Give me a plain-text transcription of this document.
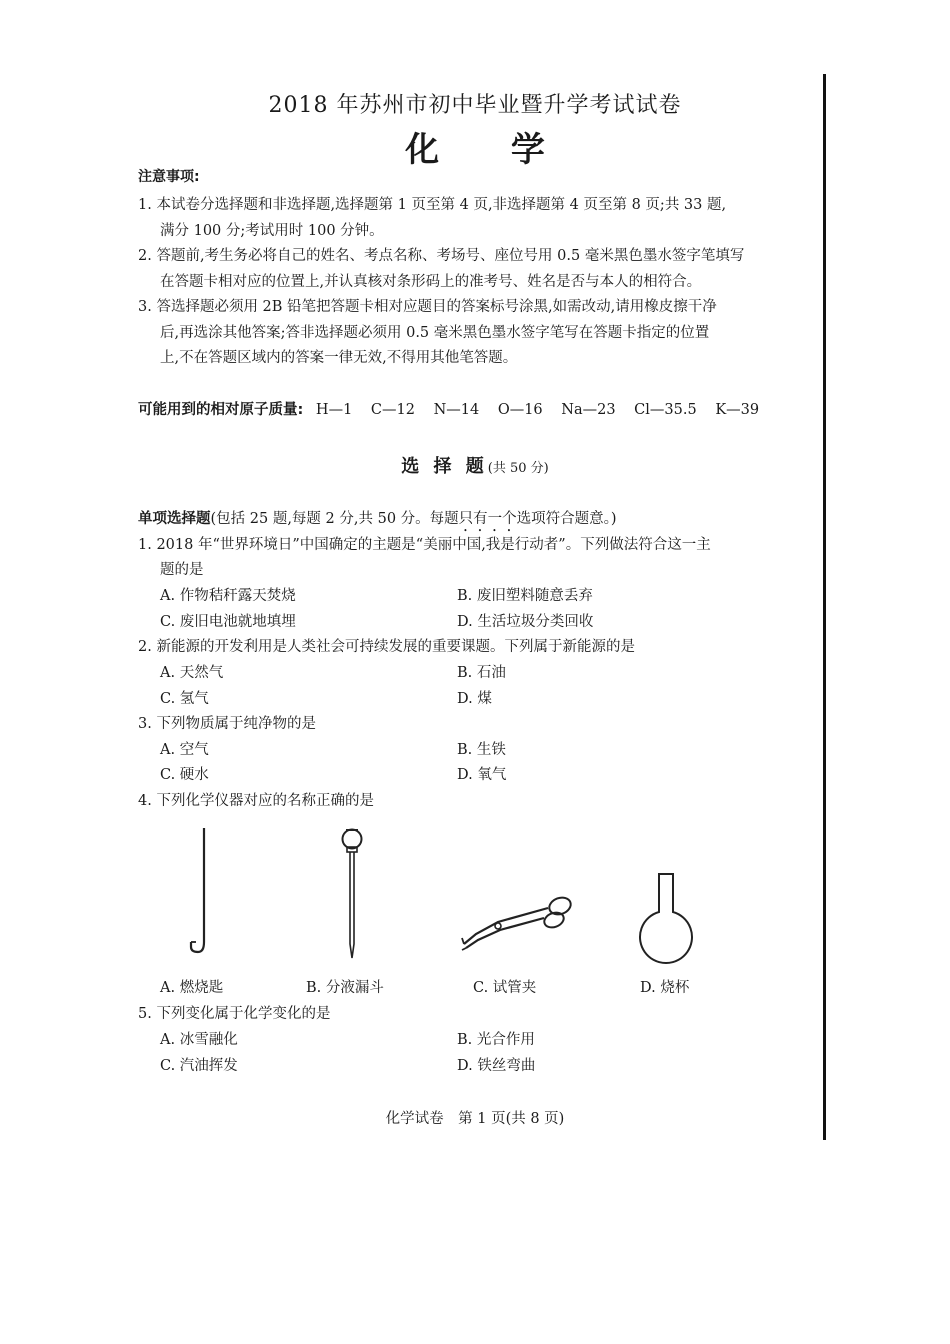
2018 年苏州市初中毕业暨升学考试试卷
化 学
注意事项:
1. 本试卷分选择题和非选择题,选择题第 1 页至第 4 页,非选择题第 4 页至第 8 页;共 33 题,
满分 100 分;考试用时 100 分钟。
2. 答题前,考生务必将自己的姓名、考点名称、考场号、座位号用 0.5 毫米黑色墨水签字笔填写
在答题卡相对应的位置上,并认真核对条形码上的准考号、姓名是否与本人的相符合。
3. 答选择题必须用 2B 铅笔把答题卡相对应题目的答案标号涂黑,如需改动,请用橡皮擦干净
后,再选涂其他答案;答非选择题必须用 0.5 毫米黑色墨水签字笔写在答题卡指定的位置
上,不在答题区域内的答案一律无效,不得用其他笔答题。
可能用到的相对原子质量: H—1 C—12 N—14 O—16 Na—23 Cl—35.5 K—39
选 择 题(共 50 分)
单项选择题(包括 25 题,每题 2 分,共 50 分。每题只有一个选项符合题意。)
1. 2018 年“世界环境日”中国确定的主题是“美丽中国,我是行动者”。下列做法符合这一主
题的是
A. 作物秸秆露天焚烧	B. 废旧塑料随意丢弃
C. 废旧电池就地填埋	D. 生活垃圾分类回收
2. 新能源的开发利用是人类社会可持续发展的重要课题。下列属于新能源的是
A. 天然气	B. 石油
C. 氢气	D. 煤
3. 下列物质属于纯净物的是
A. 空气	B. 生铁
C. 硬水	D. 氧气
4. 下列化学仪器对应的名称正确的是
A. 燃烧匙	B. 分液漏斗	C. 试管夹	D. 烧杯
5. 下列变化属于化学变化的是
A. 冰雪融化	B. 光合作用
C. 汽油挥发	D. 铁丝弯曲
化学试卷　第 1 页(共 8 页)
